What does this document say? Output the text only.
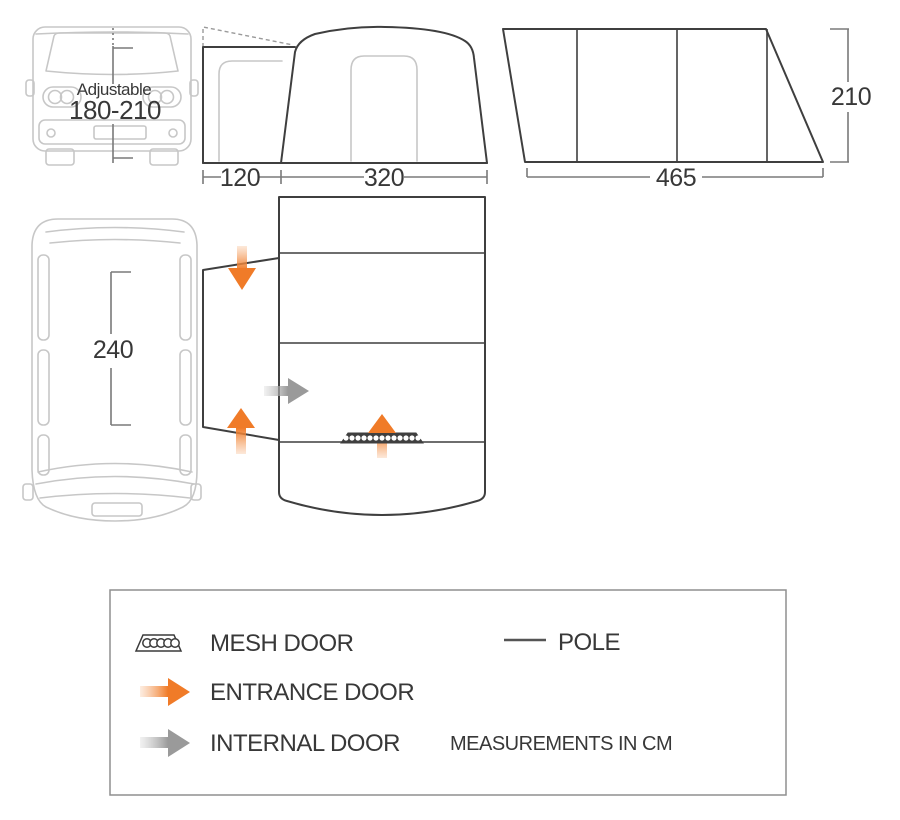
Adjustable
180-210
120	320
210
465
240
MESH DOOR	POLE
ENTRANCE DOOR
INTERNAL DOOR	MEASUREMENTS IN CM
